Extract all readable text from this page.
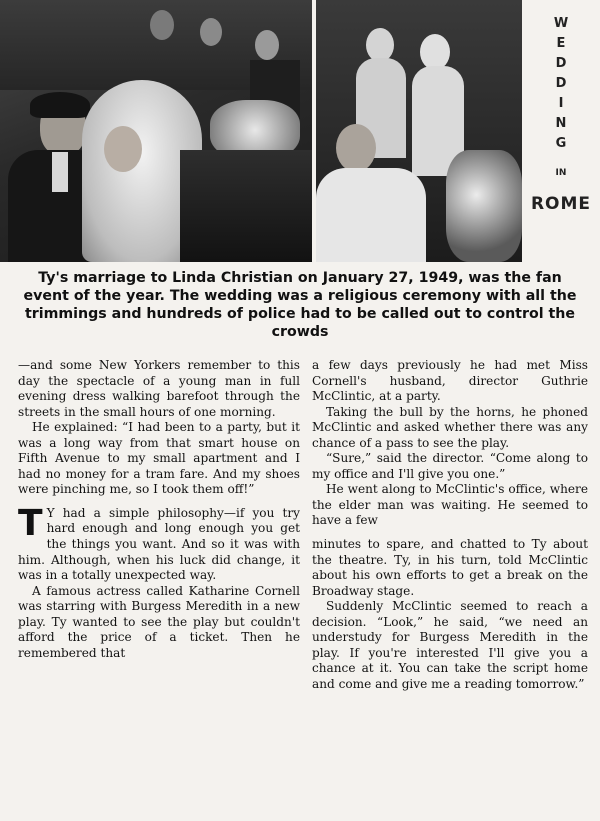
W
E
D
D
I
N
G
IN
ROME
Ty's marriage to Linda Christian on January 27, 1949, was the fan event of the year. The wedding was a religious ceremony with all the trimmings and hundreds of police had to be called out to control the crowds

—and some New Yorkers remember to this day the spectacle of a young man in full evening dress walking barefoot through the streets in the small hours of one morning.

He explained: “I had been to a party, but it was a long way from that smart house on Fifth Avenue to my small apartment and I had no money for a tram fare. And my shoes were pinching me, so I took them off!”

T Y had a simple philosophy—if you try hard enough and long enough you get the things you want. And so it was with him. Although, when his luck did change, it was in a totally unexpected way.

A famous actress called Katharine Cornell was starring with Burgess Meredith in a new play. Ty wanted to see the play but couldn't afford the price of a ticket. Then he remembered that

a few days previously he had met Miss Cornell's husband, director Guthrie McClintic, at a party.

Taking the bull by the horns, he phoned McClintic and asked whether there was any chance of a pass to see the play.

“Sure,” said the director. “Come along to my office and I'll give you one.”

He went along to McClintic's office, where the elder man was waiting. He seemed to have a few

minutes to spare, and chatted to Ty about the theatre. Ty, in his turn, told McClintic about his own efforts to get a break on the Broadway stage.

Suddenly McClintic seemed to reach a decision. “Look,” he said, “we need an understudy for Burgess Meredith in the play. If you're interested I'll give you a chance at it. You can take the script home and come and give me a reading tomorrow.”
